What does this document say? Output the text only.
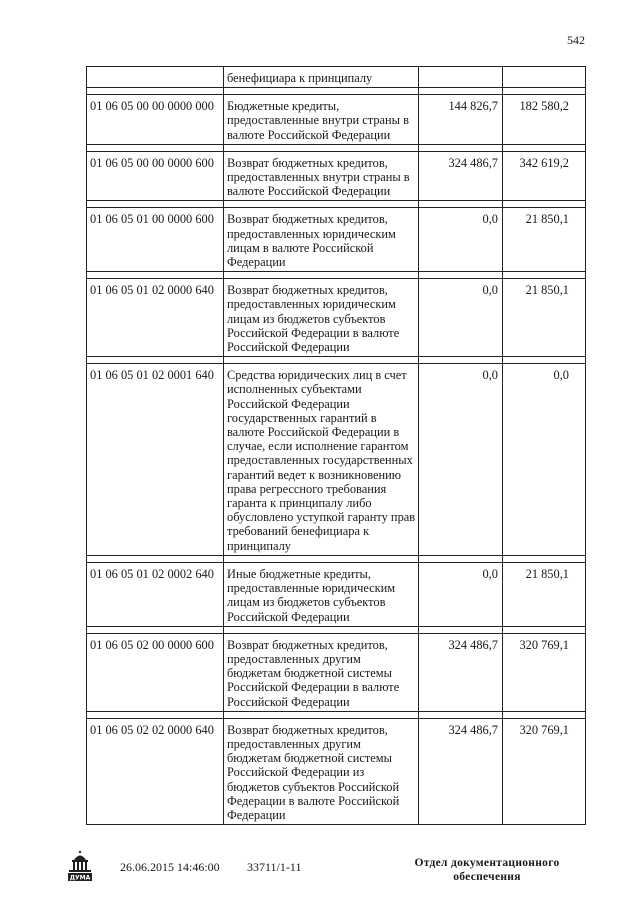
542
	бенефициара к принципалу		

01 06 05 00 00 0000 000	Бюджетные кредиты, предоставленные внутри страны в валюте Российской Федерации	144 826,7	182 580,2

01 06 05 00 00 0000 600	Возврат бюджетных кредитов, предоставленных внутри страны в валюте Российской Федерации	324 486,7	342 619,2

01 06 05 01 00 0000 600	Возврат бюджетных кредитов, предоставленных юридическим лицам в валюте Российской Федерации	0,0	21 850,1

01 06 05 01 02 0000 640	Возврат бюджетных кредитов, предоставленных юридическим лицам из бюджетов субъектов Российской Федерации в валюте Российской Федерации	0,0	21 850,1

01 06 05 01 02 0001 640	Средства юридических лиц в счет исполненных субъектами Российской Федерации государственных гарантий в валюте Российской Федерации в случае, если исполнение гарантом предоставленных государственных гарантий ведет к возникновению права регрессного требования гаранта к принципалу либо обусловлено уступкой гаранту прав требований бенефициара к принципалу	0,0	0,0

01 06 05 01 02 0002 640	Иные бюджетные кредиты, предоставленные юридическим лицам из бюджетов субъектов Российской Федерации	0,0	21 850,1

01 06 05 02 00 0000 600	Возврат бюджетных кредитов, предоставленных другим бюджетам бюджетной системы Российской Федерации в валюте Российской Федерации	324 486,7	320 769,1

01 06 05 02 02 0000 640	Возврат бюджетных кредитов, предоставленных другим бюджетам бюджетной системы Российской Федерации из бюджетов субъектов Российской Федерации в валюте Российской Федерации	324 486,7	320 769,1
ДУМА
26.06.2015 14:46:00 33711/1-11	Отдел документационного
обеспечения
